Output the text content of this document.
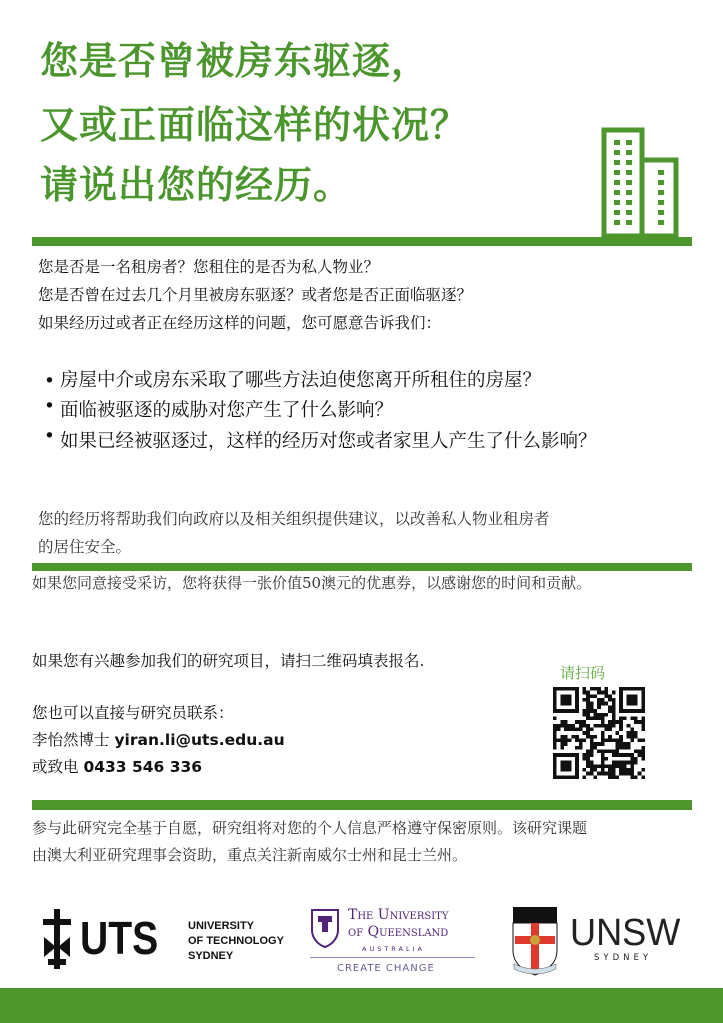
您是否曾被房东驱逐，
又或正面临这样的状况？
请说出您的经历。
您是否是一名租房者？您租住的是否为私人物业？
您是否曾在过去几个月里被房东驱逐？或者您是否正面临驱逐？
如果经历过或者正在经历这样的问题，您可愿意告诉我们：
• 房屋中介或房东采取了哪些方法迫使您离开所租住的房屋？
• 面临被驱逐的威胁对您产生了什么影响？
• 如果已经被驱逐过，这样的经历对您或者家里人产生了什么影响？
您的经历将帮助我们向政府以及相关组织提供建议，以改善私人物业租房者
的居住安全。
如果您同意接受采访，您将获得一张价值50澳元的优惠券，以感谢您的时间和贡献。
如果您有兴趣参加我们的研究项目，请扫二维码填表报名.
请扫码
您也可以直接与研究员联系：
李怡然博士 yiran.li@uts.edu.au
或致电 0433 546 336
参与此研究完全基于自愿，研究组将对您的个人信息严格遵守保密原则。该研究课题
由澳大利亚研究理事会资助，重点关注新南威尔士州和昆士兰州。
UTS	UNIVERSITY
OF TECHNOLOGY
SYDNEY
The University
of Queensland
AUSTRALIA
CREATE CHANGE
UNSW
SYDNEY
